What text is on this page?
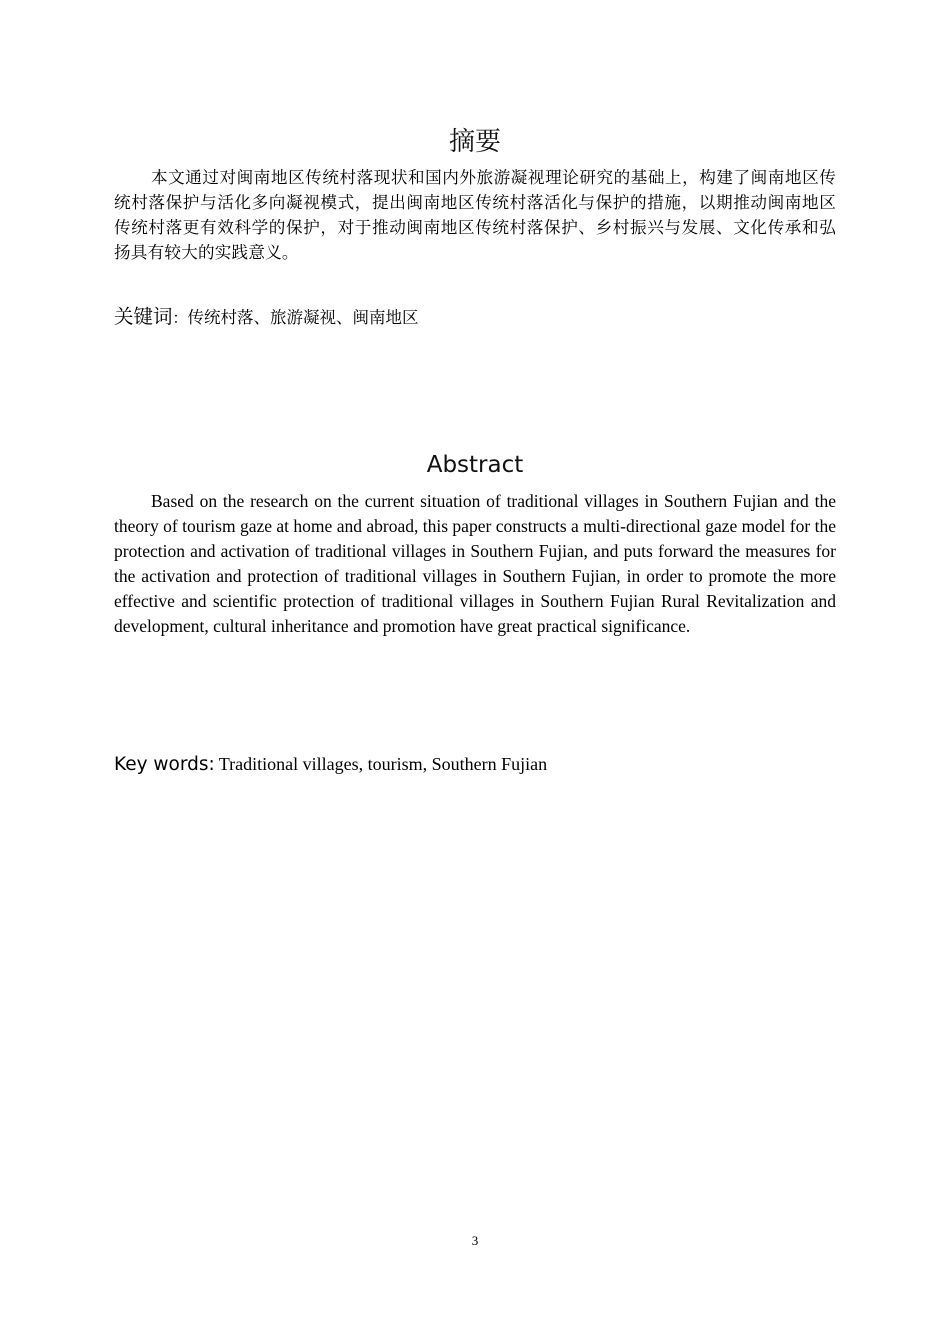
摘要

本文通过对闽南地区传统村落现状和国内外旅游凝视理论研究的基础上，构建了闽南地区传统村落保护与活化多向凝视模式，提出闽南地区传统村落活化与保护的措施，以期推动闽南地区传统村落更有效科学的保护，对于推动闽南地区传统村落保护、乡村振兴与发展、文化传承和弘扬具有较大的实践意义。

关键词：传统村落、旅游凝视、闽南地区
Abstract

Based on the research on the current situation of traditional villages in Southern Fujian and the theory of tourism gaze at home and abroad, this paper constructs a multi-directional gaze model for the protection and activation of traditional villages in Southern Fujian, and puts forward the measures for the activation and protection of traditional villages in Southern Fujian, in order to promote the more effective and scientific protection of traditional villages in Southern Fujian Rural Revitalization and development, cultural inheritance and promotion have great practical significance.

Key words: Traditional villages, tourism, Southern Fujian
3
